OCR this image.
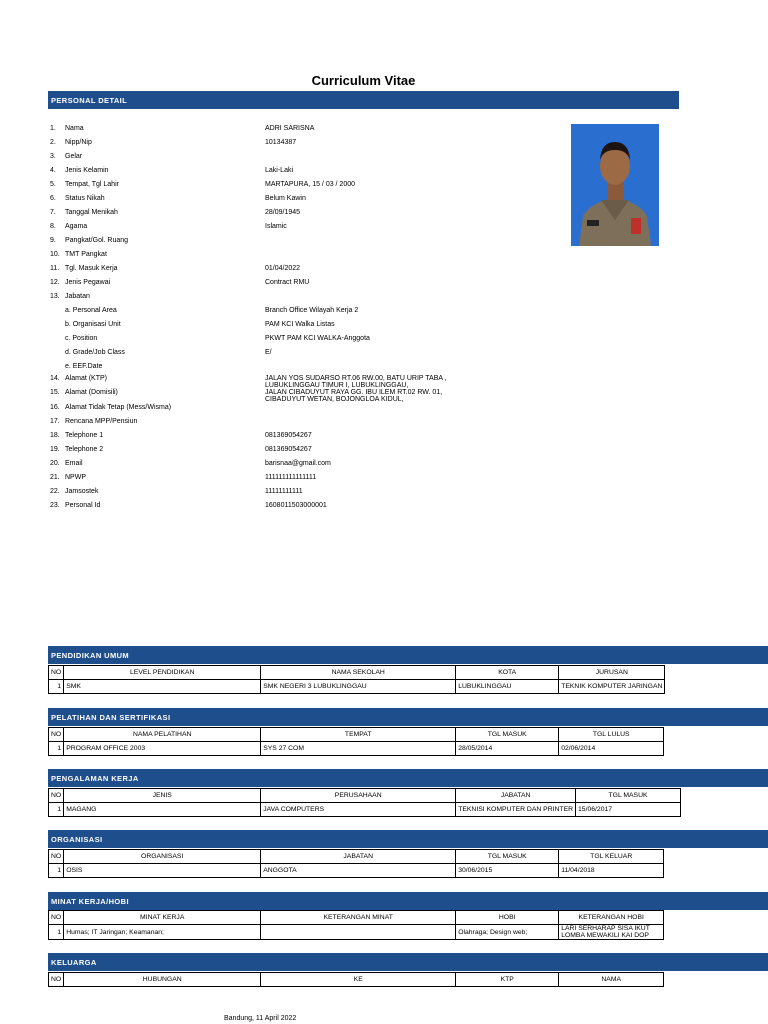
Curriculum Vitae
PERSONAL DETAIL
1. Nama	ADRI SARISNA
2. Nipp/Nip	10134387
3. Gelar
4. Jenis Kelamin	Laki-Laki
5. Tempat, Tgl Lahir	MARTAPURA, 15 / 03 / 2000
6. Status Nikah	Belum Kawin
7. Tanggal Menikah	28/09/1945
8. Agama	Islamic
9. Pangkat/Gol. Ruang
10. TMT Pangkat
11. Tgl. Masuk Kerja	01/04/2022
12. Jenis Pegawai	Contract RMU
13. Jabatan
a. Personal Area	Branch Office Wilayah Kerja 2
b. Organisasi Unit	PAM KCI Walka Listas
c. Position	PKWT PAM KCI WALKA-Anggota
d. Grade/Job Class	E/
e. EEF.Date
14. Alamat (KTP)	JALAN YOS SUDARSO RT.06 RW.00, BATU URIP TABA , LUBUKLINGGAU TIMUR I, LUBUKLINGGAU,
15. Alamat (Domisili)	JALAN CIBADUYUT RAYA GG. IBU ILEM RT.02 RW. 01, CIBADUYUT WETAN, BOJONGLOA KIDUL,
16. Alamat Tidak Tetap (Mess/Wisma)
17. Rencana MPP/Pensiun
18. Telephone 1	081369054267
19. Telephone 2	081369054267
20. Email	barisnaa@gmail.com
21. NPWP	111111111111111
22. Jamsostek	11111111111
23. Personal Id	1608011503000001
PENDIDIKAN UMUM
NO	LEVEL PENDIDIKAN	NAMA SEKOLAH	KOTA	JURUSAN
1	SMK	SMK NEGERI 3 LUBUKLINGGAU	LUBUKLINGGAU	TEKNIK KOMPUTER JARINGAN
PELATIHAN DAN SERTIFIKASI
NO	NAMA PELATIHAN	TEMPAT	TGL MASUK	TGL LULUS
1	PROGRAM OFFICE 2003	SYS 27 COM	28/05/2014	02/06/2014
PENGALAMAN KERJA
NO	JENIS	PERUSAHAAN	JABATAN	TGL MASUK
1	MAGANG	JAVA COMPUTERS	TEKNISI KOMPUTER DAN PRINTER	15/06/2017
ORGANISASI
NO	ORGANISASI	JABATAN	TGL MASUK	TGL KELUAR
1	OSIS	ANGGOTA	30/06/2015	11/04/2018
MINAT KERJA/HOBI
NO	MINAT KERJA	KETERANGAN MINAT	HOBI	KETERANGAN HOBI
1	Humas; IT Jaringan; Keamanan;		Olahraga; Design web;	LARI SERHARAP SISA IKUT LOMBA MEWAKILI KAI DOP
KELUARGA
NO	HUBUNGAN	KE	KTP	NAMA
Bandung, 11 April 2022
